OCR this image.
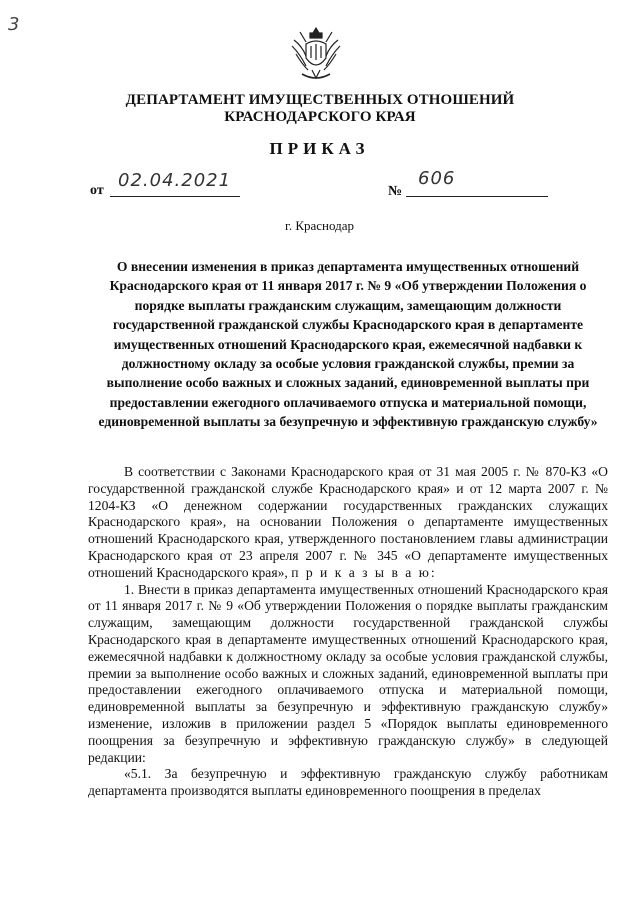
3
ДЕПАРТАМЕНТ ИМУЩЕСТВЕННЫХ ОТНОШЕНИЙ
КРАСНОДАРСКОГО КРАЯ
ПРИКАЗ
от 02.04.2021
№
606
г. Краснодар
О внесении изменения в приказ департамента имущественных отношений Краснодарского края от 11 января 2017 г. № 9 «Об утверждении Положения о порядке выплаты гражданским служащим, замещающим должности государственной гражданской службы Краснодарского края в департаменте имущественных отношений Краснодарского края, ежемесячной надбавки к должностному окладу за особые условия гражданской службы, премии за выполнение особо важных и сложных заданий, единовременной выплаты при предоставлении ежегодного оплачиваемого отпуска и материальной помощи, единовременной выплаты за безупречную и эффективную гражданскую службу»

В соответствии с Законами Краснодарского края от 31 мая 2005 г. № 870-КЗ «О государственной гражданской службе Краснодарского края» и от 12 марта 2007 г. № 1204-КЗ «О денежном содержании государственных гражданских служащих Краснодарского края», на основании Положения о департаменте имущественных отношений Краснодарского края, утвержденного постановлением главы администрации Краснодарского края от 23 апреля 2007 г. № 345 «О департаменте имущественных отношений Краснодарского края», п р и к а з ы в а ю:

1. Внести в приказ департамента имущественных отношений Краснодарского края от 11 января 2017 г. № 9 «Об утверждении Положения о порядке выплаты гражданским служащим, замещающим должности государственной гражданской службы Краснодарского края в департаменте имущественных отношений Краснодарского края, ежемесячной надбавки к должностному окладу за особые условия гражданской службы, премии за выполнение особо важных и сложных заданий, единовременной выплаты при предоставлении ежегодного оплачиваемого отпуска и материальной помощи, единовременной выплаты за безупречную и эффективную гражданскую службу» изменение, изложив в приложении раздел 5 «Порядок выплаты единовременного поощрения за безупречную и эффективную гражданскую службу» в следующей редакции:

«5.1. За безупречную и эффективную гражданскую службу работникам департамента производятся выплаты единовременного поощрения в пределах
